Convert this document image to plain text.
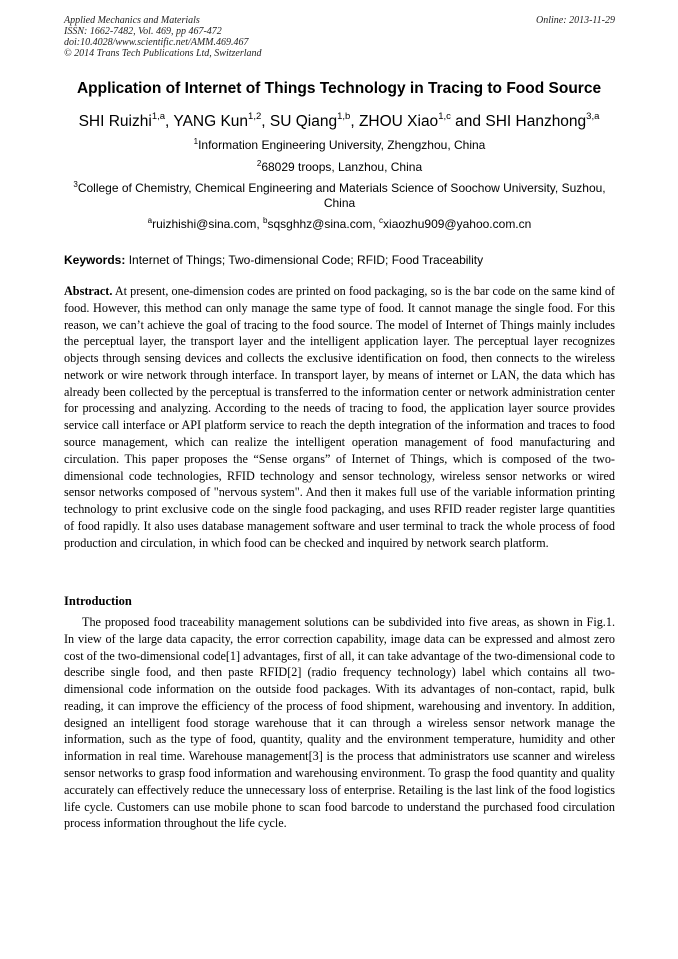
Applied Mechanics and Materials
ISSN: 1662-7482, Vol. 469, pp 467-472
doi:10.4028/www.scientific.net/AMM.469.467
© 2014 Trans Tech Publications Ltd, Switzerland
Online: 2013-11-29
Application of Internet of Things Technology in Tracing to Food Source
SHI Ruizhi$^{1,a}$, YANG Kun$^{1,2}$, SU Qiang$^{1,b}$, ZHOU Xiao$^{1,c}$ and SHI Hanzhong$^{3,a}$
$^1$Information Engineering University, Zhengzhou, China
$^2$68029 troops, Lanzhou, China
$^3$College of Chemistry, Chemical Engineering and Materials Science of Soochow University, Suzhou, China
$^a$ruizhishi@sina.com, $^b$sqsghhz@sina.com, $^c$xiaozhu909@yahoo.com.cn
Keywords: Internet of Things; Two-dimensional Code; RFID; Food Traceability

Abstract. At present, one-dimension codes are printed on food packaging, so is the bar code on the same kind of food. However, this method can only manage the same type of food. It cannot manage the single food. For this reason, we can’t achieve the goal of tracing to the food source. The model of Internet of Things mainly includes the perceptual layer, the transport layer and the intelligent application layer. The perceptual layer recognizes objects through sensing devices and collects the exclusive identification on food, then connects to the wireless network or wire network through interface. In transport layer, by means of internet or LAN, the data which has already been collected by the perceptual is transferred to the information center or network administration center for processing and analyzing. According to the needs of tracing to food, the application layer source provides service call interface or API platform service to reach the depth integration of the information and traces to food source management, which can realize the intelligent operation management of food manufacturing and circulation. This paper proposes the “Sense organs” of Internet of Things, which is composed of the two-dimensional code technologies, RFID technology and sensor technology, wireless sensor networks or wired sensor networks composed of "nervous system". And then it makes full use of the variable information printing technology to print exclusive code on the single food packaging, and uses RFID reader register large quantities of food rapidly. It also uses database management software and user terminal to track the whole process of food production and circulation, in which food can be checked and inquired by network search platform.

Introduction

The proposed food traceability management solutions can be subdivided into five areas, as shown in Fig.1. In view of the large data capacity, the error correction capability, image data can be expressed and almost zero cost of the two-dimensional code[1] advantages, first of all, it can take advantage of the two-dimensional code to describe single food, and then paste RFID[2] (radio frequency technology) label which contains all two-dimensional code information on the outside food packages. With its advantages of non-contact, rapid, bulk reading, it can improve the efficiency of the process of food shipment, warehousing and inventory. In addition, designed an intelligent food storage warehouse that it can through a wireless sensor network manage the information, such as the type of food, quantity, quality and the environment temperature, humidity and other information in real time. Warehouse management[3] is the process that administrators use scanner and wireless sensor networks to grasp food information and warehousing environment. To grasp the food quantity and quality accurately can effectively reduce the unnecessary loss of enterprise. Retailing is the last link of the food logistics life cycle. Customers can use mobile phone to scan food barcode to understand the purchased food circulation process information throughout the life cycle.
